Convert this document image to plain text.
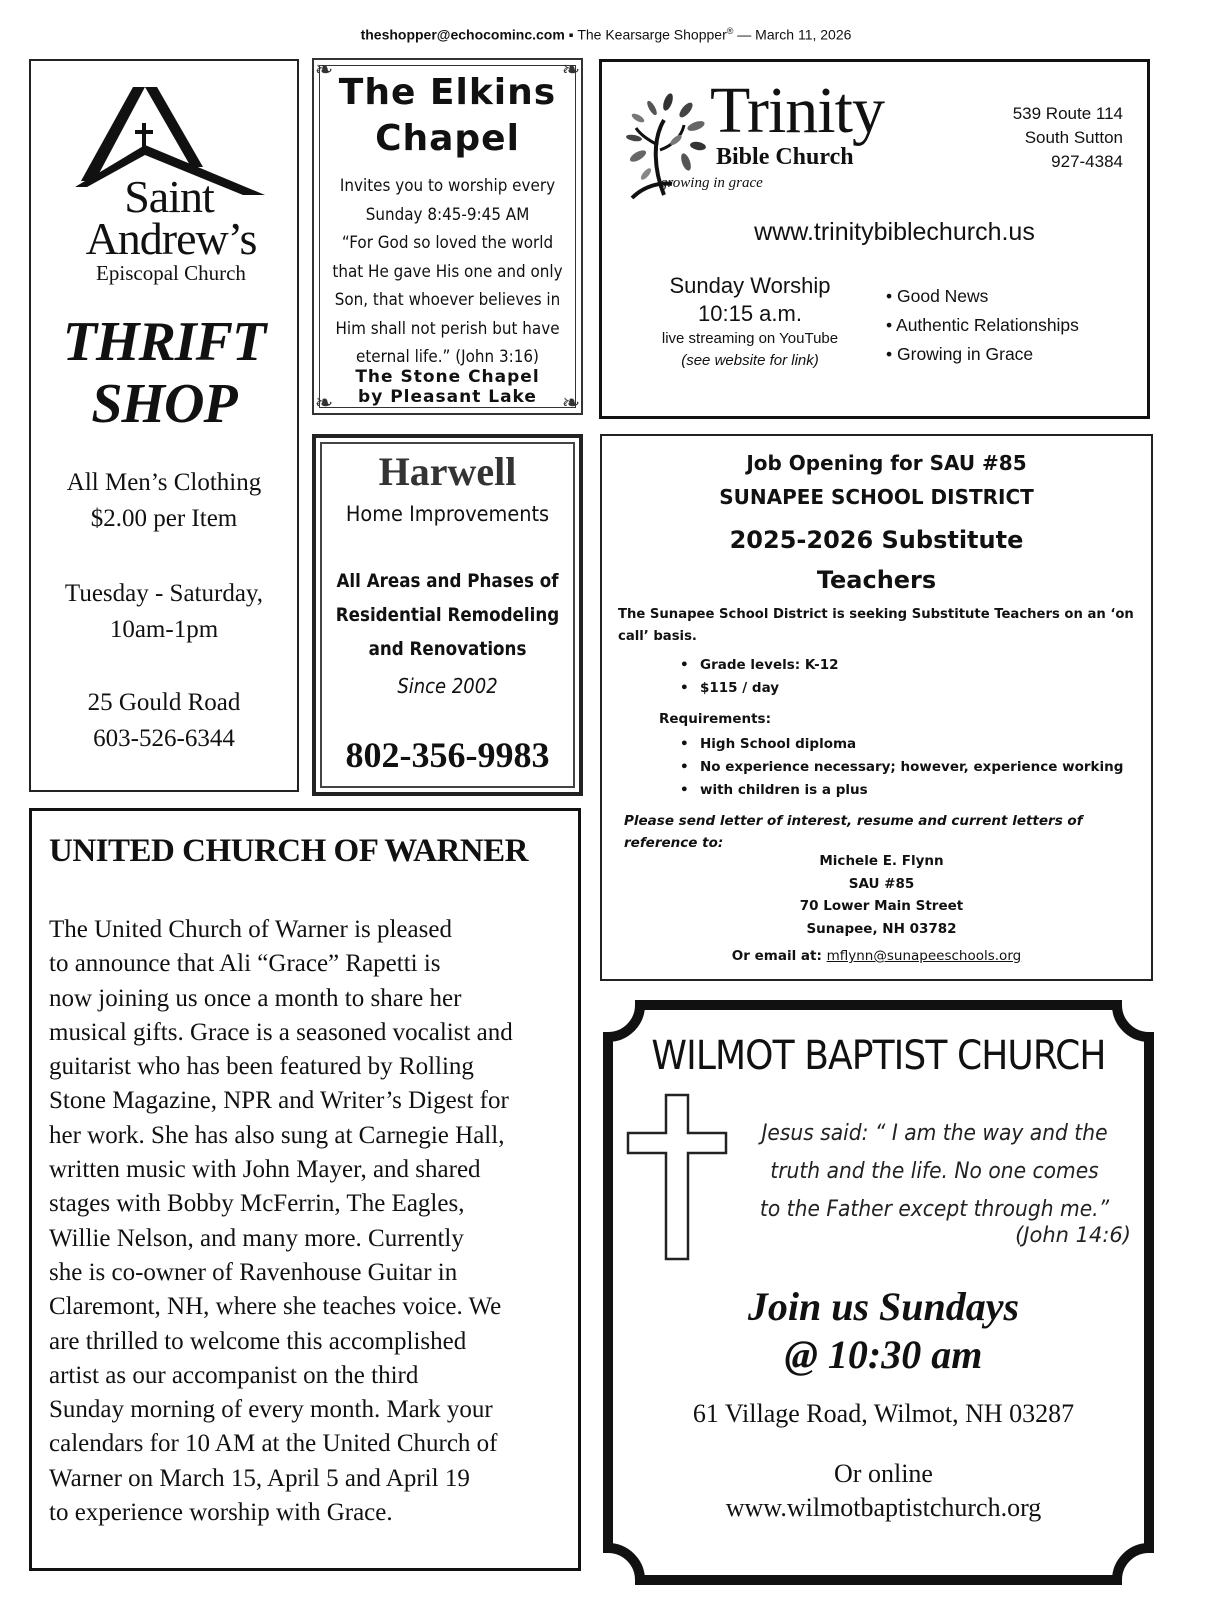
theshopper@echocominc.com ▪ The Kearsarge Shopper® — March 11, 2026
Saint
Andrew’s
Episcopal Church
THRIFT
SHOP
All Men’s Clothing
$2.00 per Item
Tuesday - Saturday,
10am-1pm
25 Gould Road
603-526-6344
❧	❧
❧	❧
The Elkins
Chapel
Invites you to worship every
Sunday 8:45-9:45 AM
“For God so loved the world
that He gave His one and only
Son, that whoever believes in
Him shall not perish but have
eternal life.” (John 3:16)
The Stone Chapel
by Pleasant Lake
Trinity
Bible Church
growing in grace
539 Route 114
South Sutton
927-4384
www.trinitybiblechurch.us
Sunday Worship
10:15 a.m.
live streaming on YouTube
(see website for link)
• Good News
• Authentic Relationships
• Growing in Grace
Harwell
Home Improvements
All Areas and Phases of
Residential Remodeling
and Renovations
Since 2002
802-356-9983
Job Opening for SAU #85
SUNAPEE SCHOOL DISTRICT
2025-2026 Substitute
Teachers
The Sunapee School District is seeking Substitute Teachers on an ‘on
call’ basis.
• Grade levels: K-12
• $115 / day
Requirements:
• High School diploma
• No experience necessary; however, experience working
• with children is a plus
Please send letter of interest, resume and current letters of
reference to:
Michele E. Flynn
SAU #85
70 Lower Main Street
Sunapee, NH 03782
Or email at: mflynn@sunapeeschools.org
UNITED CHURCH OF WARNER
The United Church of Warner is pleased
to announce that Ali “Grace” Rapetti is
now joining us once a month to share her
musical gifts. Grace is a seasoned vocalist and
guitarist who has been featured by Rolling
Stone Magazine, NPR and Writer’s Digest for
her work. She has also sung at Carnegie Hall,
written music with John Mayer, and shared
stages with Bobby McFerrin, The Eagles,
Willie Nelson, and many more. Currently
she is co-owner of Ravenhouse Guitar in
Claremont, NH, where she teaches voice. We
are thrilled to welcome this accomplished
artist as our accompanist on the third
Sunday morning of every month. Mark your
calendars for 10 AM at the United Church of
Warner on March 15, April 5 and April 19
to experience worship with Grace.
WILMOT BAPTIST CHURCH
Jesus said: “ I am the way and the
truth and the life. No one comes
to the Father except through me.”
(John 14:6)
Join us Sundays
@ 10:30 am
61 Village Road, Wilmot, NH 03287
Or online
www.wilmotbaptistchurch.org
